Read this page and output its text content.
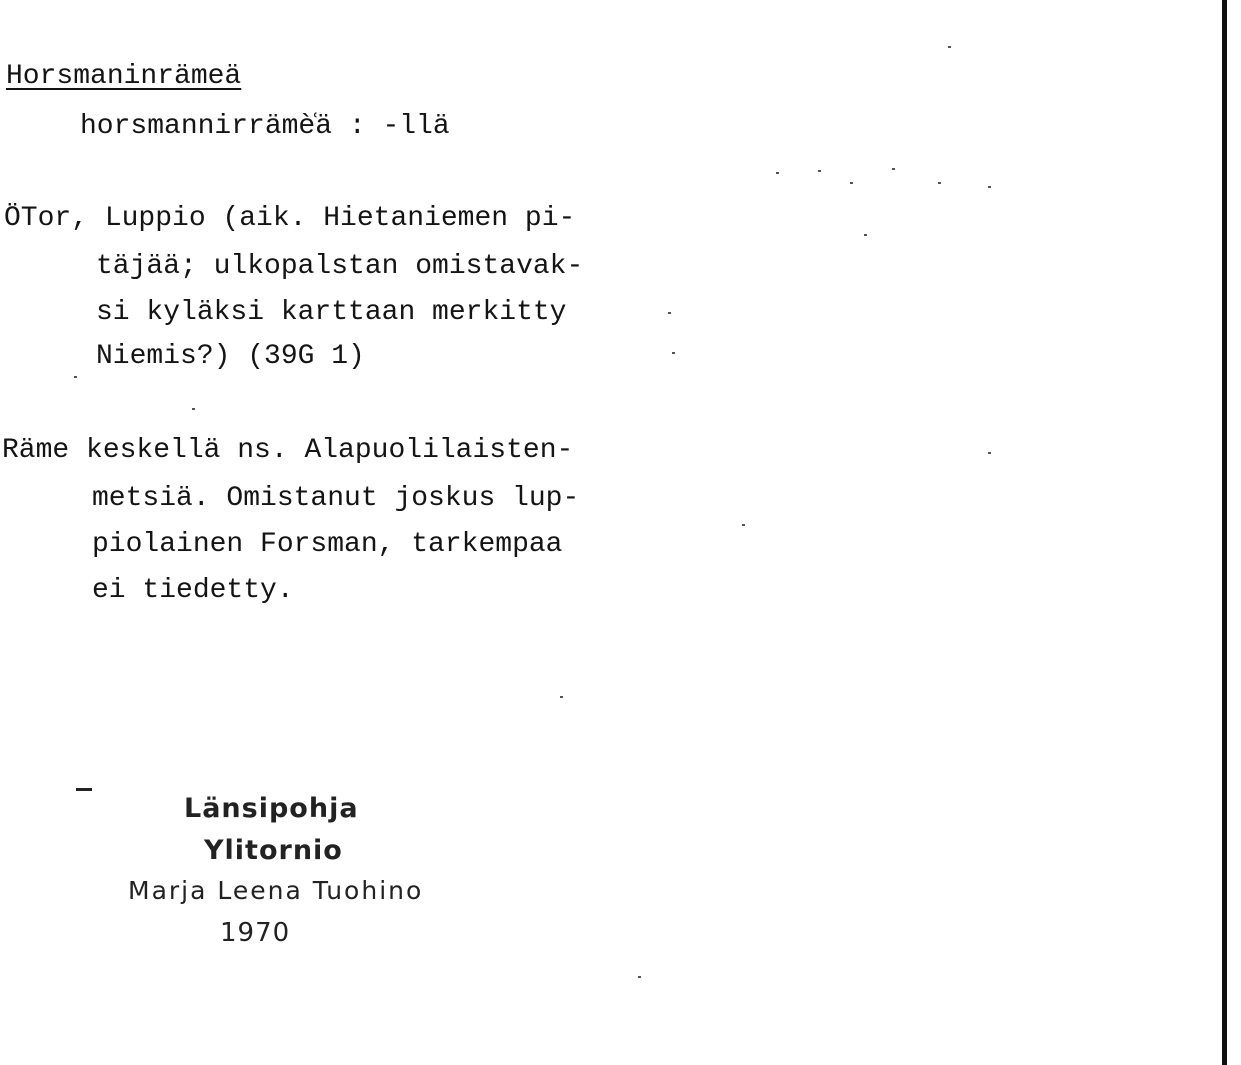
Horsmaninrämeä
horsmannirrämè͑ä : -llä
ÖTor, Luppio (aik. Hietaniemen pi-
täjää; ulkopalstan omistavak-
si kyläksi karttaan merkitty
Niemis?) (39G 1)
Räme keskellä ns. Alapuolilaisten-
metsiä. Omistanut joskus lup-
piolainen Forsman, tarkempaa
ei tiedetty.
Länsipohja
Ylitornio
Marja Leena Tuohino
1970
